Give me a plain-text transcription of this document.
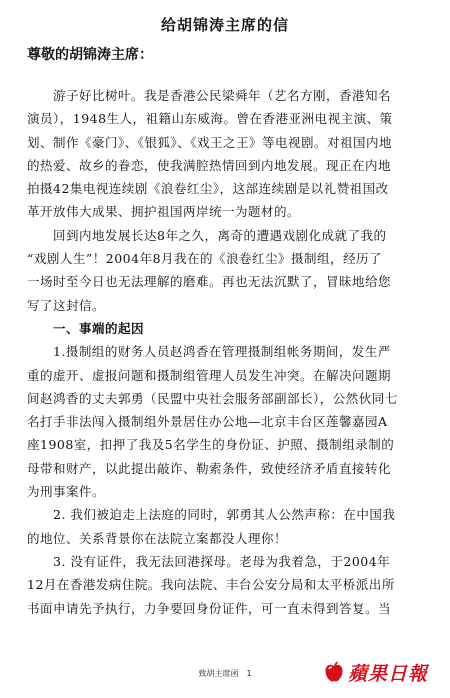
给胡锦涛主席的信
尊敬的胡锦涛主席：
游子好比树叶。我是香港公民梁舜年（艺名方刚，香港知名
演员），1948生人，祖籍山东威海。曾在香港亚洲电视主演、策
划、制作《豪门》、《银狐》、《戏王之王》等电视剧。对祖国内地
的热爱、故乡的眷恋，使我满腔热情回到内地发展。现正在内地
拍摄42集电视连续剧《浪卷红尘》，这部连续剧是以礼赞祖国改
革开放伟大成果、拥护祖国两岸统一为题材的。
回到内地发展长达8年之久，离奇的遭遇戏剧化成就了我的
“戏剧人生”！2004年8月我在的《浪卷红尘》摄制组，经历了
一场时至今日也无法理解的磨难。再也无法沉默了，冒昧地给您
写了这封信。
一、事端的起因
1.摄制组的财务人员赵鸿香在管理摄制组帐务期间，发生严
重的虚开、虚报问题和摄制组管理人员发生冲突。在解决问题期
间赵鸿香的丈夫郭勇（民盟中央社会服务部副部长），公然伙同七
名打手非法闯入摄制组外景居住办公地—北京丰台区莲馨嘉园A
座1908室，扣押了我及5名学生的身份证、护照、摄制组录制的
母带和财产，以此提出敲诈、勒索条件，致使经济矛盾直接转化
为刑事案件。
2. 我们被迫走上法庭的同时，郭勇其人公然声称：在中国我
的地位、关系背景你在法院立案都没人理你！
3. 没有证件，我无法回港探母。老母为我着急，于2004年
12月在香港发病住院。我向法院、丰台公安分局和太平桥派出所
书面申请先予执行，力争要回身份证件，可一直未得到答复。当
致胡主席函　1	蘋果日報
